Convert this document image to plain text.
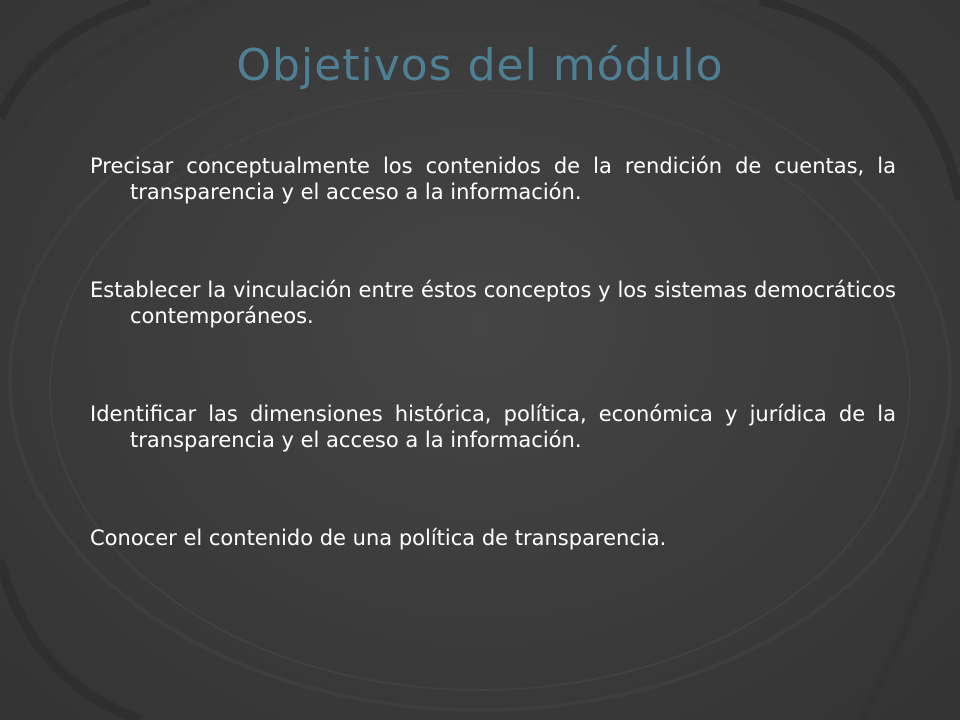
Objetivos del módulo
Precisar conceptualmente los contenidos de la rendición de cuentas, la transparencia y el acceso a la información.
Establecer la vinculación entre éstos conceptos y los sistemas democráticos contemporáneos.
Identificar las dimensiones histórica, política, económica y jurídica de la transparencia y el acceso a la información.
Conocer el contenido de una política de transparencia.
